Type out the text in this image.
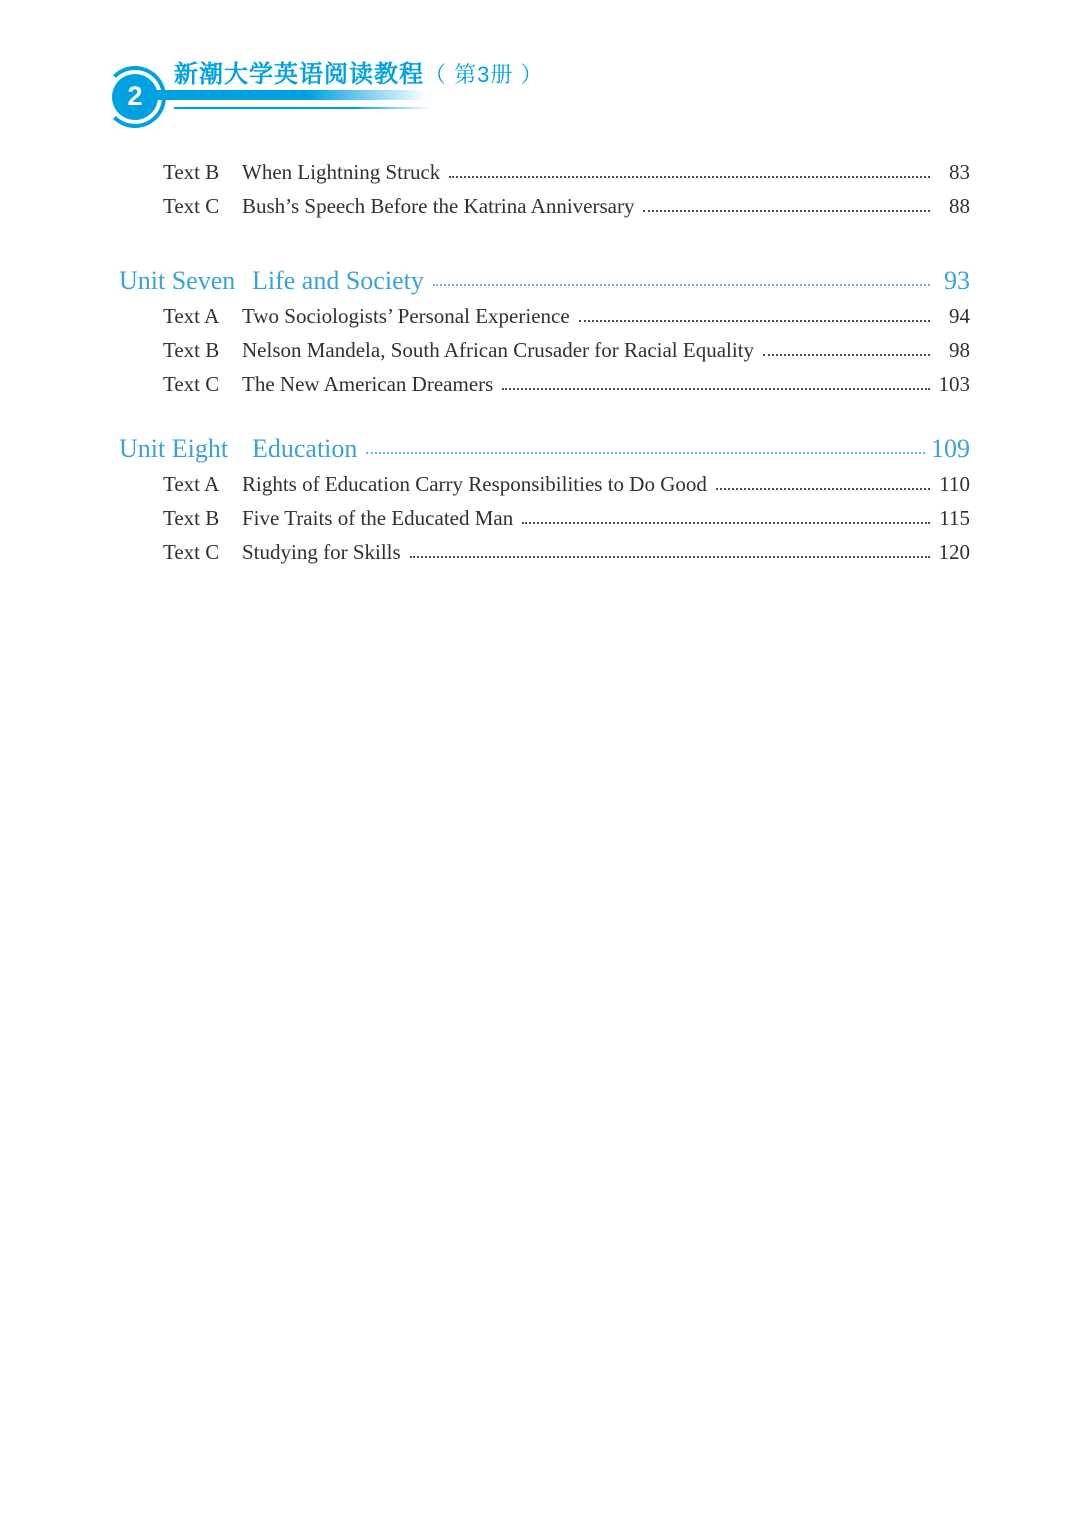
2
新潮大学英语阅读教程（ 第3册 ）
Text B	When Lightning Struck	83
Text C	Bush’s Speech Before the Katrina Anniversary	88
Unit Seven Life and Society	93
Text A	Two Sociologists’ Personal Experience	94
Text B	Nelson Mandela, South African Crusader for Racial Equality	98
Text C	The New American Dreamers	103
Unit Eight Education	109
Text A	Rights of Education Carry Responsibilities to Do Good	110
Text B	Five Traits of the Educated Man	115
Text C	Studying for Skills	120
